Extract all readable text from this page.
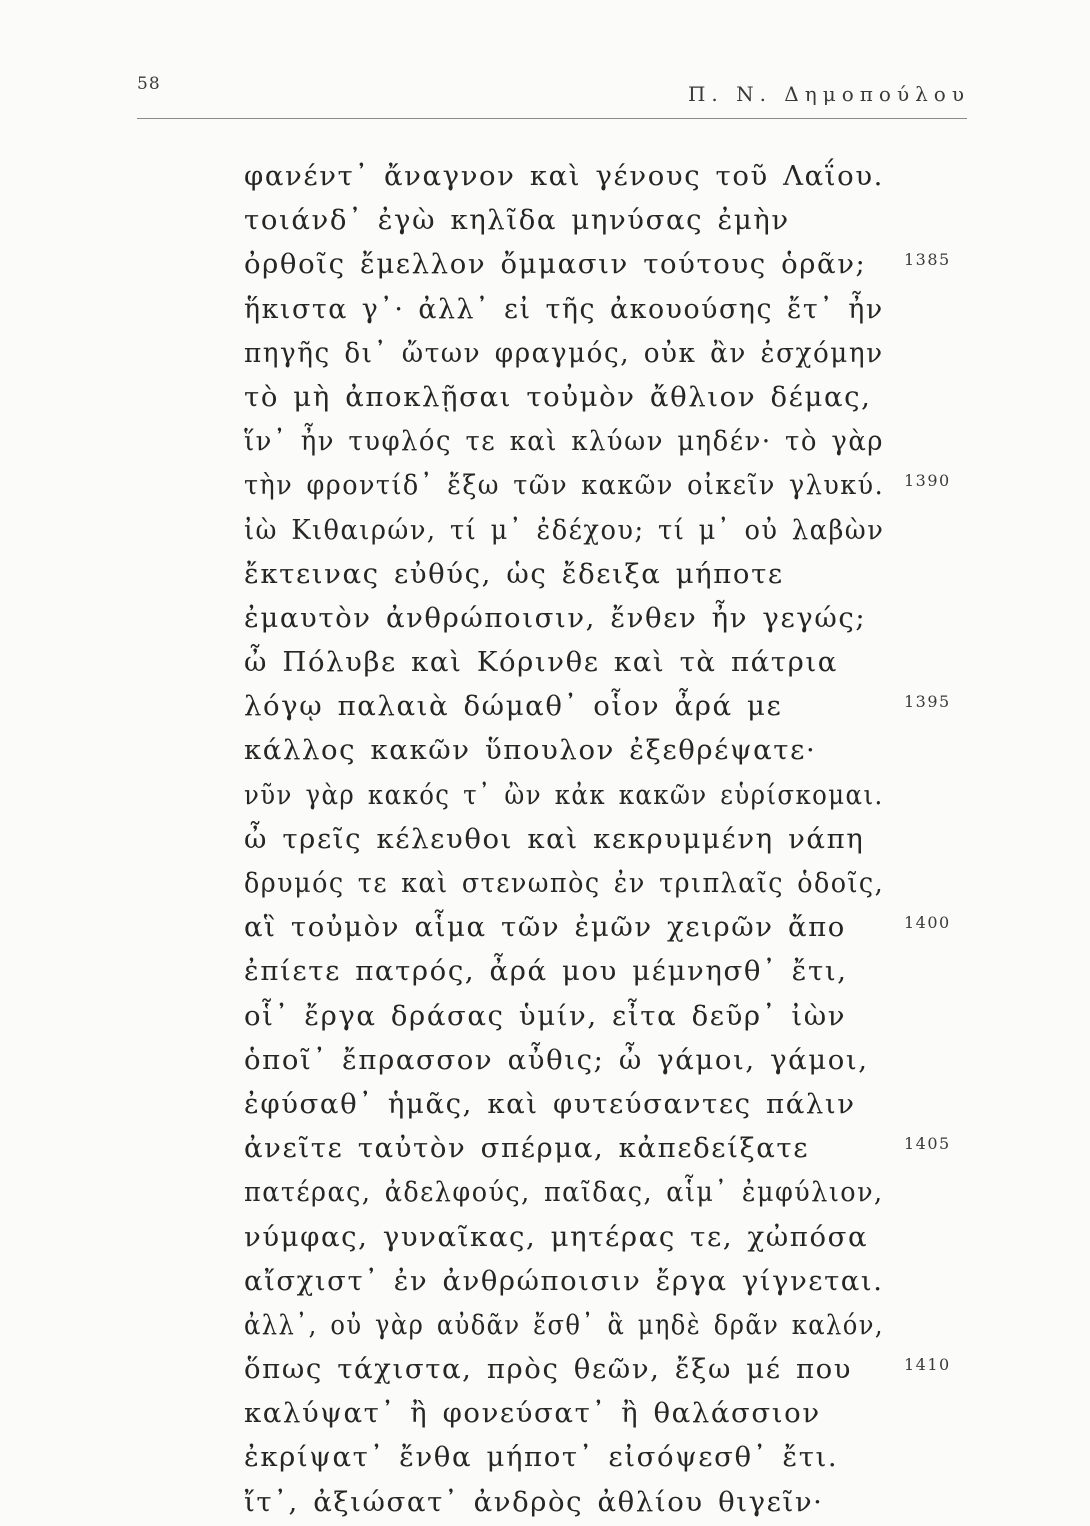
58	Π. Ν. Δημοπούλου
φανέντ᾽ ἄναγνον καὶ γένους τοῦ Λαΐου.
τοιάνδ᾽ ἐγὼ κηλῖδα μηνύσας ἐμὴν
ὀρθοῖς ἔμελλον ὄμμασιν τούτους ὁρᾶν; 1385
ἥκιστα γ᾽· ἀλλ᾽ εἰ τῆς ἀκουούσης ἔτ᾽ ἦν
πηγῆς δι᾽ ὤτων φραγμός, οὐκ ἂν ἐσχόμην
τὸ μὴ ἀποκλῇσαι τοὐμὸν ἄθλιον δέμας,
ἵν᾽ ἦν τυφλός τε καὶ κλύων μηδέν· τὸ γὰρ
τὴν φροντίδ᾽ ἔξω τῶν κακῶν οἰκεῖν γλυκύ. 1390
ἰὼ Κιθαιρών, τί μ᾽ ἐδέχου; τί μ᾽ οὐ λαβὼν
ἔκτεινας εὐθύς, ὡς ἔδειξα μήποτε
ἐμαυτὸν ἀνθρώποισιν, ἔνθεν ἦν γεγώς;
ὦ Πόλυβε καὶ Κόρινθε καὶ τὰ πάτρια
λόγῳ παλαιὰ δώμαθ᾽ οἷον ἆρά με	1395
κάλλος κακῶν ὕπουλον ἐξεθρέψατε·
νῦν γὰρ κακός τ᾽ ὢν κἀκ κακῶν εὑρίσκομαι.
ὦ τρεῖς κέλευθοι καὶ κεκρυμμένη νάπη
δρυμός τε καὶ στενωπὸς ἐν τριπλαῖς ὁδοῖς,
αἳ τοὐμὸν αἷμα τῶν ἐμῶν χειρῶν ἄπο	1400
ἐπίετε πατρός, ἆρά μου μέμνησθ᾽ ἔτι,
οἷ᾽ ἔργα δράσας ὑμίν, εἶτα δεῦρ᾽ ἰὼν
ὁποῖ᾽ ἔπρασσον αὖθις; ὦ γάμοι, γάμοι,
ἐφύσαθ᾽ ἡμᾶς, καὶ φυτεύσαντες πάλιν
ἀνεῖτε ταὐτὸν σπέρμα, κἀπεδείξατε	1405
πατέρας, ἀδελφούς, παῖδας, αἷμ᾽ ἐμφύλιον,
νύμφας, γυναῖκας, μητέρας τε, χὠπόσα
αἴσχιστ᾽ ἐν ἀνθρώποισιν ἔργα γίγνεται.
ἀλλ᾽, οὐ γὰρ αὐδᾶν ἔσθ᾽ ἃ μηδὲ δρᾶν καλόν,
ὅπως τάχιστα, πρὸς θεῶν, ἔξω μέ που	1410
καλύψατ᾽ ἢ φονεύσατ᾽ ἢ θαλάσσιον
ἐκρίψατ᾽ ἔνθα μήποτ᾽ εἰσόψεσθ᾽ ἔτι.
ἴτ᾽, ἀξιώσατ᾽ ἀνδρὸς ἀθλίου θιγεῖν·
